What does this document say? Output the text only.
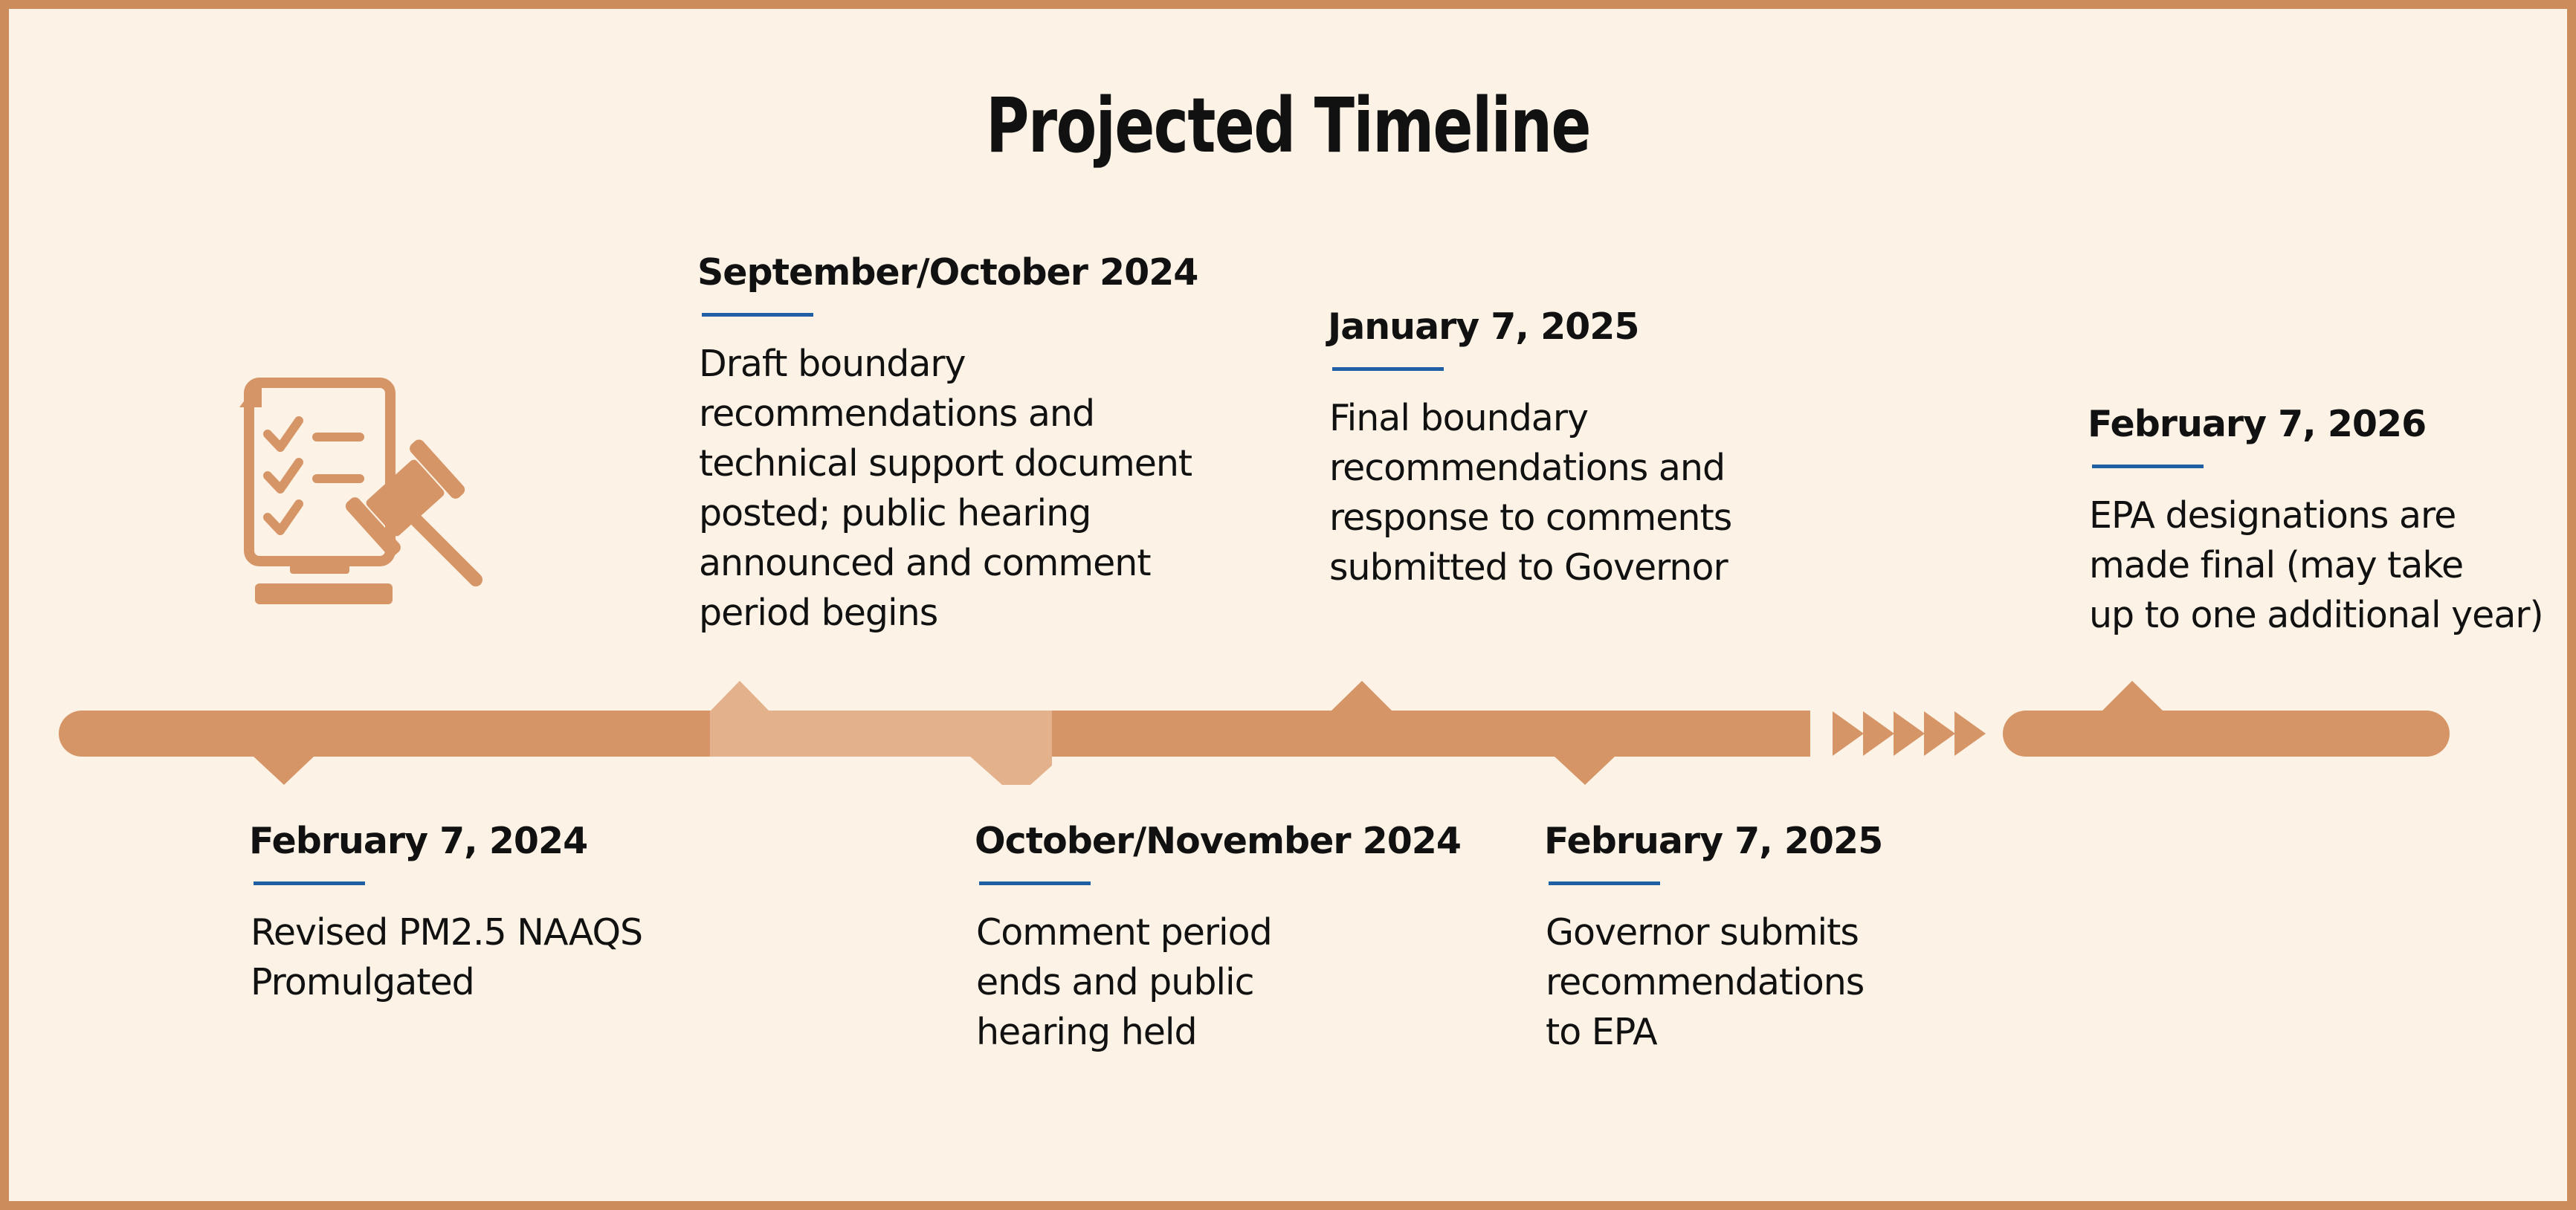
Projected Timeline
February 7, 2024
Revised PM2.5 NAAQS
Promulgated
September/October 2024
Draft boundary
recommendations and
technical support document
posted; public hearing
announced and comment
period begins
October/November 2024
Comment period
ends and public
hearing held
January 7, 2025
Final boundary
recommendations and
response to comments
submitted to Governor
February 7, 2025
Governor submits
recommendations
to EPA
February 7, 2026
EPA designations are
made final (may take
up to one additional year)
